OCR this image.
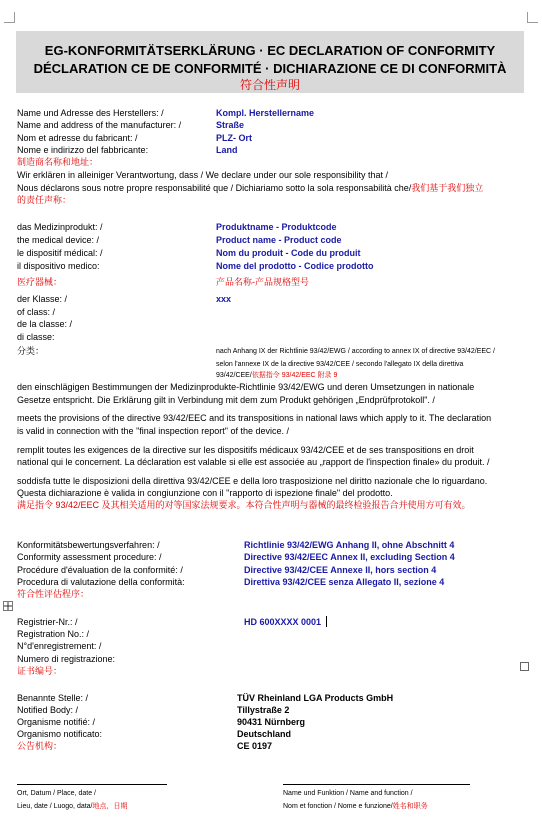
EG-KONFORMITÄTSERKLÄRUNG · EC DECLARATION OF CONFORMITY
DÉCLARATION CE DE CONFORMITÉ · DICHIARAZIONE CE DI CONFORMITÀ
符合性声明
Name und Adresse des Herstellers: /
Name and address of the manufacturer: /
Nom et adresse du fabricant: /
Nome e indirizzo del fabbricante:
制造商名称和地址：
Kompl. Herstellername
Straße
PLZ- Ort
Land
Wir erklären in alleiniger Verantwortung, dass / We declare under our sole responsibility that /
Nous déclarons sous notre propre responsabilité que / Dichiariamo sotto la sola responsabilità che/我们基于我们独立
的责任声称：
das Medizinprodukt: /
the medical device: /
le dispositif médical: /
il dispositivo medico:
医疗器械：
Produktname - Produktcode
Product name - Product code
Nom du produit - Code du produit
Nome del prodotto - Codice prodotto
产品名称-产品规格型号
der Klasse: /
of class: /
de la classe: /
di classe:
分类：
xxx
nach Anhang IX der Richtlinie 93/42/EWG / according to annex IX of directive 93/42/EEC /
selon l'annexe IX de la directive 93/42/CEE / secondo l'allegato IX della direttiva
93/42/CEE/依据指令 93/42/EEC 附录 9
den einschlägigen Bestimmungen der Medizinprodukte-Richtlinie 93/42/EWG und deren Umsetzungen in nationale
Gesetze entspricht. Die Erklärung gilt in Verbindung mit dem zum Produkt gehörigen „Endprüfprotokoll". /
meets the provisions of the directive 93/42/EEC and its transpositions in national laws which apply to it. The declaration
is valid in connection with the "final inspection report" of the device. /
remplit toutes les exigences de la directive sur les dispositifs médicaux 93/42/CEE et de ses transpositions en droit
national qui le concernent. La déclaration est valable si elle est associée au „rapport de l'inspection finale» du produit. /
soddisfa tutte le disposizioni della direttiva 93/42/CEE e della loro trasposizione nel diritto nazionale che lo riguardano.
Questa dichiarazione è valida in congiunzione con il "rapporto di ispezione finale" del prodotto.
满足指令 93/42/EEC 及其相关适用的对等国家法规要求。本符合性声明与器械的最终检验报告合并使用方可有效。
Konformitätsbewertungsverfahren: /
Conformity assessment procedure: /
Procédure d'évaluation de la conformité: /
Procedura di valutazione della conformità:
符合性评估程序：
Richtlinie 93/42/EWG Anhang II, ohne Abschnitt 4
Directive 93/42/EEC Annex II, excluding Section 4
Directive 93/42/CEE Annexe II, hors section 4
Direttiva 93/42/CEE senza Allegato II, sezione 4
Registrier-Nr.: /
Registration No.: /
N°d'enregistrement: /
Numero di registrazione:
证书编号：
HD 600XXXX 0001
Benannte Stelle: /
Notified Body: /
Organisme notifié: /
Organismo notificato:
公告机构：
TÜV Rheinland LGA Products GmbH
Tillystraße 2
90431 Nürnberg
Deutschland
CE 0197
Ort, Datum / Place, date /
Lieu, date / Luogo, data/地点，日期
Name und Funktion / Name and function /
Nom et fonction / Nome e funzione/姓名和职务
